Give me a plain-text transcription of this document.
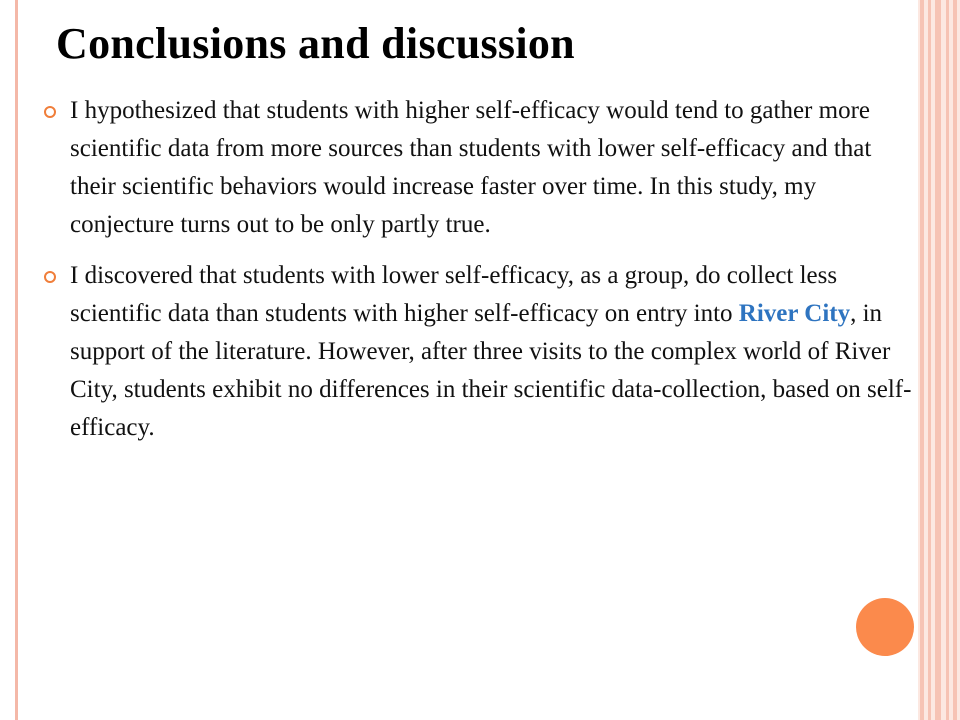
Conclusions and discussion
I hypothesized that students with higher self-efficacy would tend to gather more scientific data from more sources than students with lower self-efficacy and that their scientific behaviors would increase faster over time. In this study, my conjecture turns out to be only partly true.
I discovered that students with lower self-efficacy, as a group, do collect less scientific data than students with higher self-efficacy on entry into River City, in support of the literature. However, after three visits to the complex world of River City, students exhibit no differences in their scientific data-collection, based on self-efficacy.
